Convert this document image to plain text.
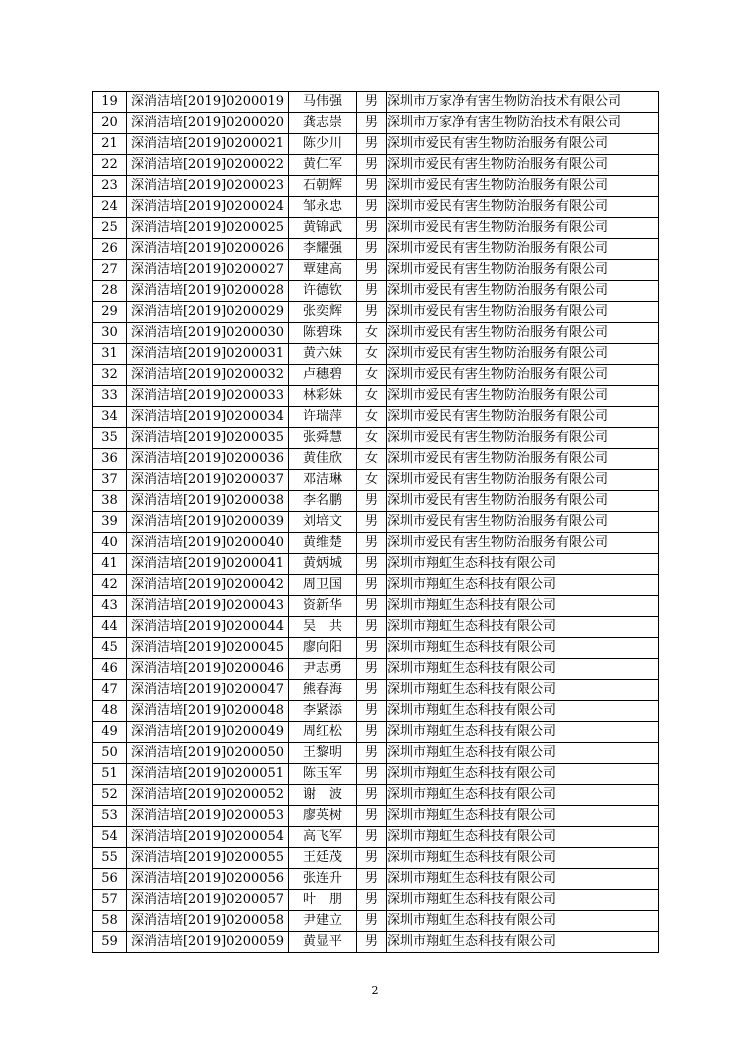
19	深消洁培[2019]0200019	马伟强	男	深圳市万家净有害生物防治技术有限公司
20	深消洁培[2019]0200020	龚志崇	男	深圳市万家净有害生物防治技术有限公司
21	深消洁培[2019]0200021	陈少川	男	深圳市爱民有害生物防治服务有限公司
22	深消洁培[2019]0200022	黄仁军	男	深圳市爱民有害生物防治服务有限公司
23	深消洁培[2019]0200023	石朝辉	男	深圳市爱民有害生物防治服务有限公司
24	深消洁培[2019]0200024	邹永忠	男	深圳市爱民有害生物防治服务有限公司
25	深消洁培[2019]0200025	黄锦武	男	深圳市爱民有害生物防治服务有限公司
26	深消洁培[2019]0200026	李耀强	男	深圳市爱民有害生物防治服务有限公司
27	深消洁培[2019]0200027	覃建高	男	深圳市爱民有害生物防治服务有限公司
28	深消洁培[2019]0200028	许德钦	男	深圳市爱民有害生物防治服务有限公司
29	深消洁培[2019]0200029	张奕辉	男	深圳市爱民有害生物防治服务有限公司
30	深消洁培[2019]0200030	陈碧珠	女	深圳市爱民有害生物防治服务有限公司
31	深消洁培[2019]0200031	黄六妹	女	深圳市爱民有害生物防治服务有限公司
32	深消洁培[2019]0200032	卢穗碧	女	深圳市爱民有害生物防治服务有限公司
33	深消洁培[2019]0200033	林彩妹	女	深圳市爱民有害生物防治服务有限公司
34	深消洁培[2019]0200034	许瑞萍	女	深圳市爱民有害生物防治服务有限公司
35	深消洁培[2019]0200035	张舜慧	女	深圳市爱民有害生物防治服务有限公司
36	深消洁培[2019]0200036	黄佳欣	女	深圳市爱民有害生物防治服务有限公司
37	深消洁培[2019]0200037	邓洁琳	女	深圳市爱民有害生物防治服务有限公司
38	深消洁培[2019]0200038	李名鹏	男	深圳市爱民有害生物防治服务有限公司
39	深消洁培[2019]0200039	刘培文	男	深圳市爱民有害生物防治服务有限公司
40	深消洁培[2019]0200040	黄维楚	男	深圳市爱民有害生物防治服务有限公司
41	深消洁培[2019]0200041	黄炳城	男	深圳市翔虹生态科技有限公司
42	深消洁培[2019]0200042	周卫国	男	深圳市翔虹生态科技有限公司
43	深消洁培[2019]0200043	资新华	男	深圳市翔虹生态科技有限公司
44	深消洁培[2019]0200044	吴　共	男	深圳市翔虹生态科技有限公司
45	深消洁培[2019]0200045	廖向阳	男	深圳市翔虹生态科技有限公司
46	深消洁培[2019]0200046	尹志勇	男	深圳市翔虹生态科技有限公司
47	深消洁培[2019]0200047	熊春海	男	深圳市翔虹生态科技有限公司
48	深消洁培[2019]0200048	李紧添	男	深圳市翔虹生态科技有限公司
49	深消洁培[2019]0200049	周红松	男	深圳市翔虹生态科技有限公司
50	深消洁培[2019]0200050	王黎明	男	深圳市翔虹生态科技有限公司
51	深消洁培[2019]0200051	陈玉军	男	深圳市翔虹生态科技有限公司
52	深消洁培[2019]0200052	谢　波	男	深圳市翔虹生态科技有限公司
53	深消洁培[2019]0200053	廖英树	男	深圳市翔虹生态科技有限公司
54	深消洁培[2019]0200054	高飞军	男	深圳市翔虹生态科技有限公司
55	深消洁培[2019]0200055	王廷茂	男	深圳市翔虹生态科技有限公司
56	深消洁培[2019]0200056	张连升	男	深圳市翔虹生态科技有限公司
57	深消洁培[2019]0200057	叶　朋	男	深圳市翔虹生态科技有限公司
58	深消洁培[2019]0200058	尹建立	男	深圳市翔虹生态科技有限公司
59	深消洁培[2019]0200059	黄显平	男	深圳市翔虹生态科技有限公司
2
